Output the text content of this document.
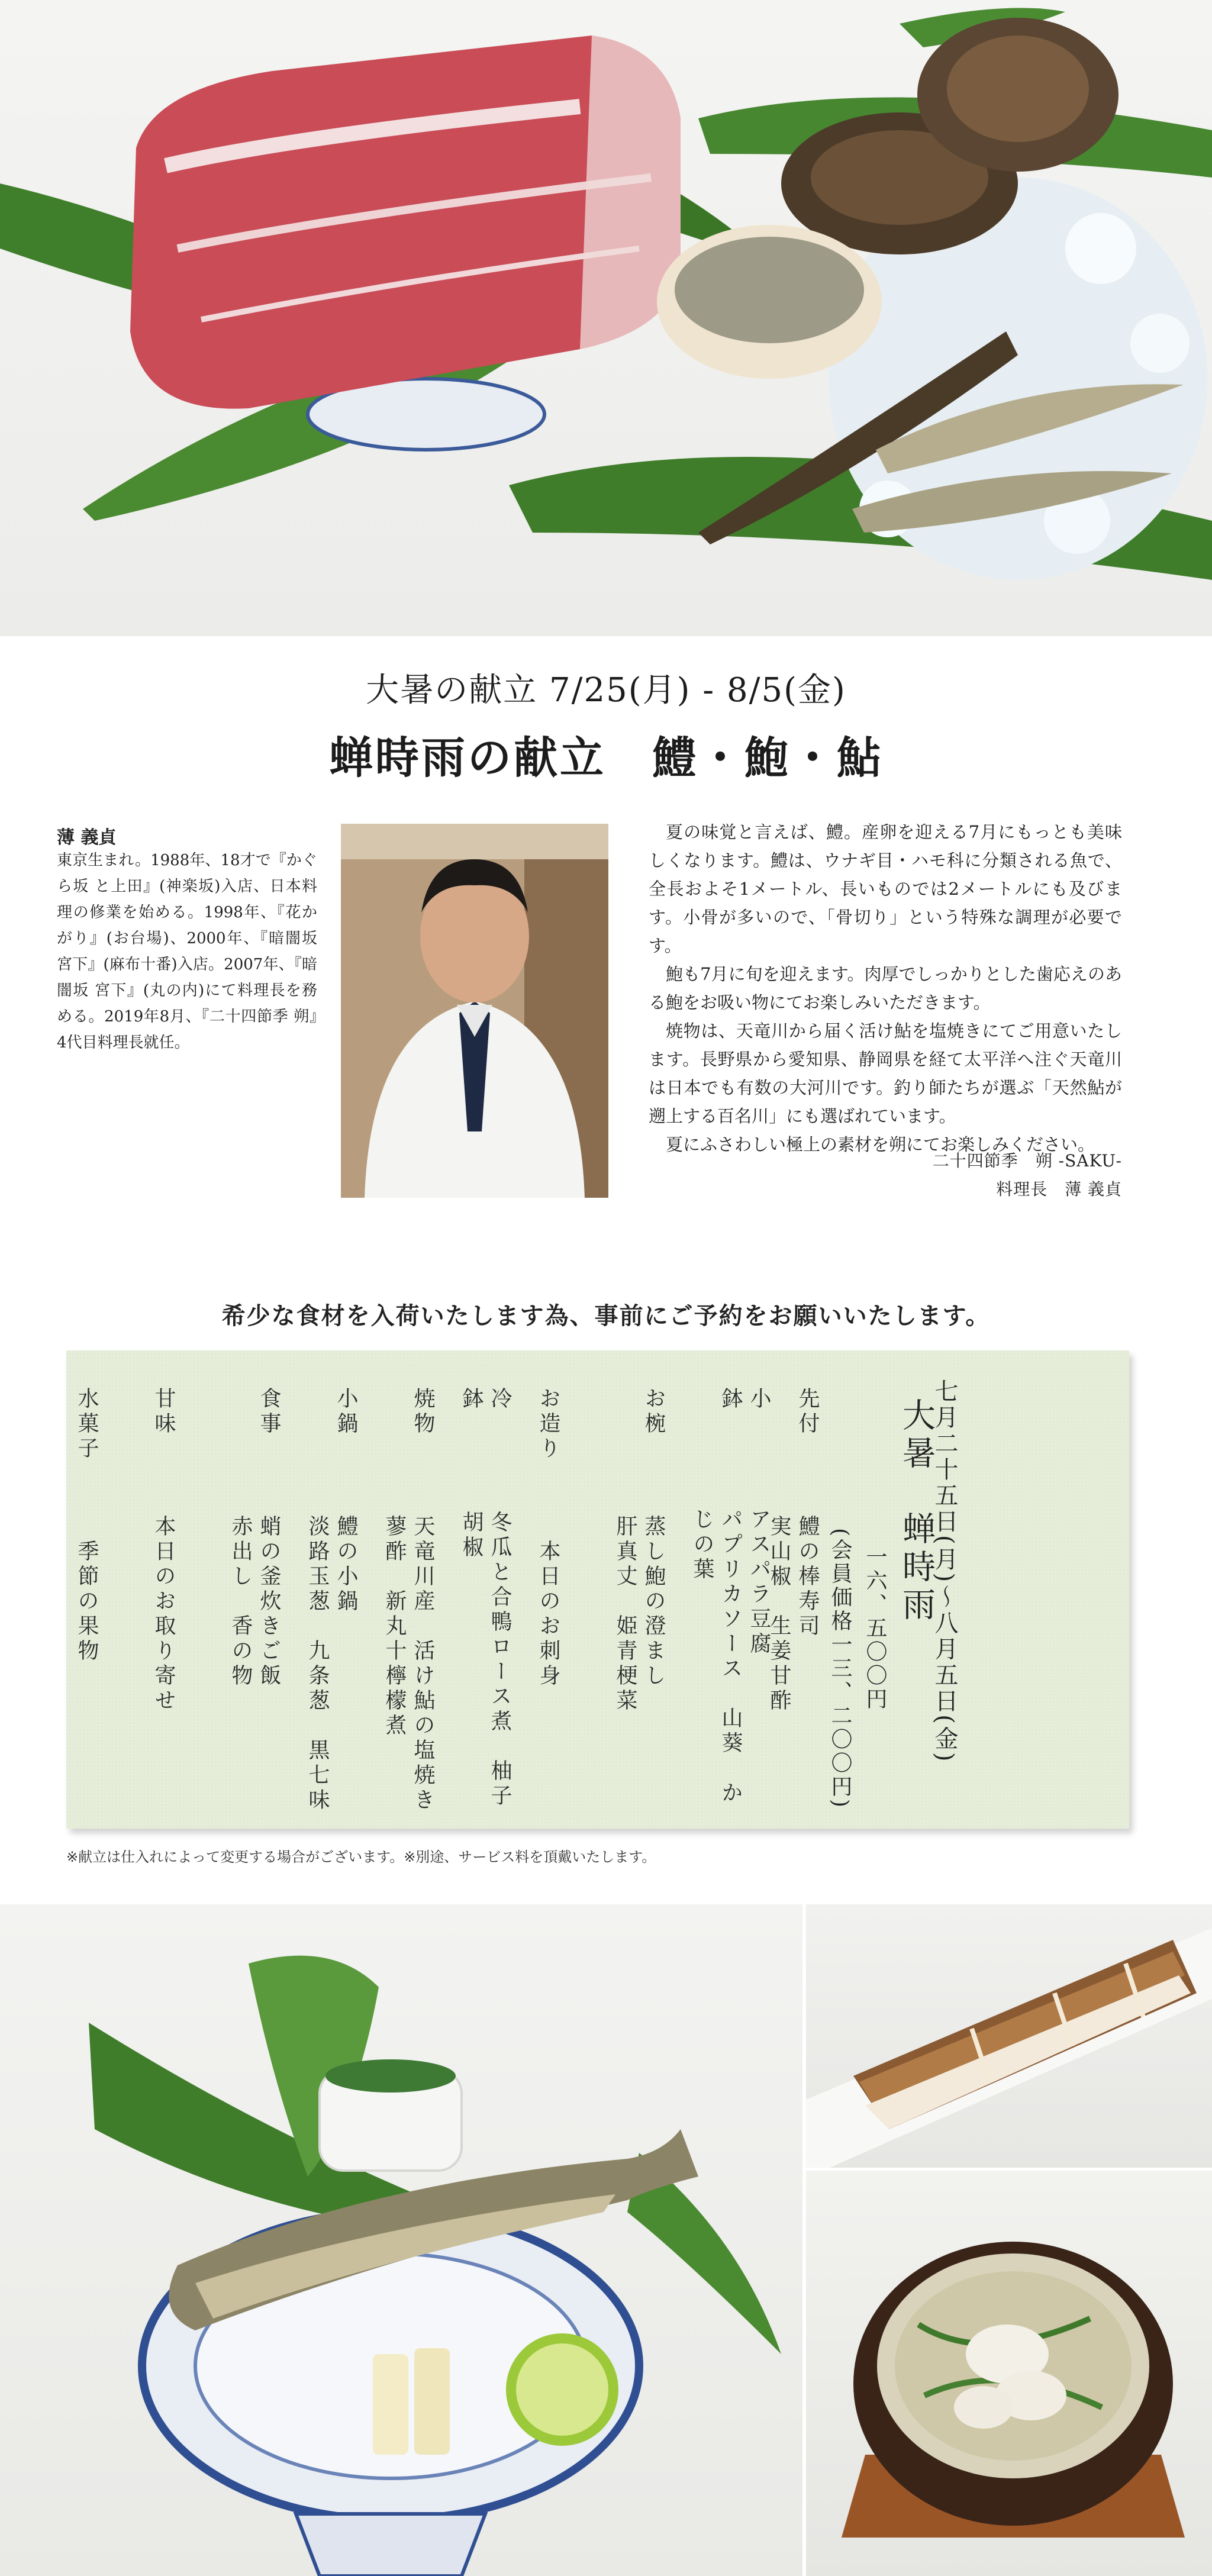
大暑の献立 7/25(月) - 8/5(金)
蝉時雨の献立　鱧・鮑・鮎
薄 義貞
東京生まれ。1988年、18才で『かぐら坂 と上田』(神楽坂)入店、日本料理の修業を始める。1998年、『花かがり』(お台場)、2000年、『暗闇坂　宮下』(麻布十番)入店。2007年、『暗闇坂 宮下』(丸の内)にて料理長を務める。2019年8月、『二十四節季 朔』4代目料理長就任。

夏の味覚と言えば、鱧。産卵を迎える7月にもっとも美味しくなります。鱧は、ウナギ目・ハモ科に分類される魚で、全長およそ1メートル、長いものでは2メートルにも及びます。小骨が多いので、「骨切り」という特殊な調理が必要です。

鮑も7月に旬を迎えます。肉厚でしっかりとした歯応えのある鮑をお吸い物にてお楽しみいただきます。

焼物は、天竜川から届く活け鮎を塩焼きにてご用意いたします。長野県から愛知県、静岡県を経て太平洋へ注ぐ天竜川は日本でも有数の大河川です。釣り師たちが選ぶ「天然鮎が遡上する百名川」にも選ばれています。

夏にふさわしい極上の素材を朔にてお楽しみください。

二十四節季　朔 -SAKU-
料理長　薄 義貞
希少な食材を入荷いたします為、事前にご予約をお願いいたします。
七月二十五日(月)〜八月五日(金)
大暑　蝉時雨
一六、五〇〇円
(会員価格一三、二〇〇円)
先付
鱧の棒寿司
実山椒　生姜甘酢
小鉢
アスパラ豆腐
パプリカソース　山葵　かじの葉
お椀
蒸し鮑の澄まし
肝真丈　姫青梗菜
お造り
本日のお刺身
冷鉢
冬瓜と合鴨ロース煮　柚子胡椒
焼物
天竜川産　活け鮎の塩焼き
蓼酢　新丸十檸檬煮
小鍋
鱧の小鍋
淡路玉葱　九条葱　黒七味
食事
蛸の釜炊きご飯
赤出し　香の物
甘味
本日のお取り寄せ
水菓子
季節の果物
※献立は仕入れによって変更する場合がございます。※別途、サービス料を頂戴いたします。
